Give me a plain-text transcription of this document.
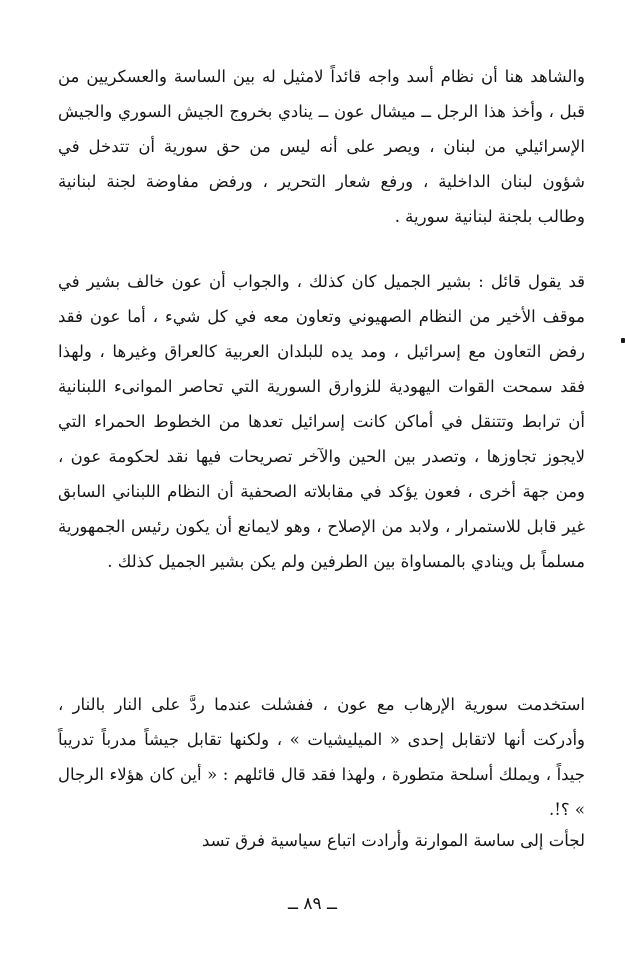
والشاهد هنا أن نظام أسد واجه قائداً لامثيل له بين الساسة والعسكريين من قبل ، وأخذ هذا الرجل ــ ميشال عون ــ ينادي بخروج الجيش السوري والجيش الإسرائيلي من لبنان ، ويصر على أنه ليس من حق سورية أن تتدخل في شؤون لبنان الداخلية ، ورفع شعار التحرير ، ورفض مفاوضة لجنة لبنانية وطالب بلجنة لبنانية سورية .

قد يقول قائل : بشير الجميل كان كذلك ، والجواب أن عون خالف بشير في موقف الأخير من النظام الصهيوني وتعاون معه في كل شيء ، أما عون فقد رفض التعاون مع إسرائيل ، ومد يده للبلدان العربية كالعراق وغيرها ، ولهذا فقد سمحت القوات اليهودية للزوارق السورية التي تحاصر الموانىء اللبنانية أن ترابط وتتنقل في أماكن كانت إسرائيل تعدها من الخطوط الحمراء التي لايجوز تجاوزها ، وتصدر بين الحين والآخر تصريحات فيها نقد لحكومة عون ، ومن جهة أخرى ، فعون يؤكد في مقابلاته الصحفية أن النظام اللبناني السابق غير قابل للاستمرار ، ولابد من الإصلاح ، وهو لايمانع أن يكون رئيس الجمهورية مسلماً بل وينادي بالمساواة بين الطرفين ولم يكن بشير الجميل كذلك .

استخدمت سورية الإرهاب مع عون ، ففشلت عندما ردَّ على النار بالنار ، وأدركت أنها لاتقابل إحدى « الميليشيات » ، ولكنها تقابل جيشاً مدرباً تدريباً جيداً ، ويملك أسلحة متطورة ، ولهذا فقد قال قائلهم : « أين كان هؤلاء الرجال » ؟!.

لجأت إلى ساسة الموارنة وأرادت اتباع سياسية فرق تسد

ــ ٨٩ ــ
